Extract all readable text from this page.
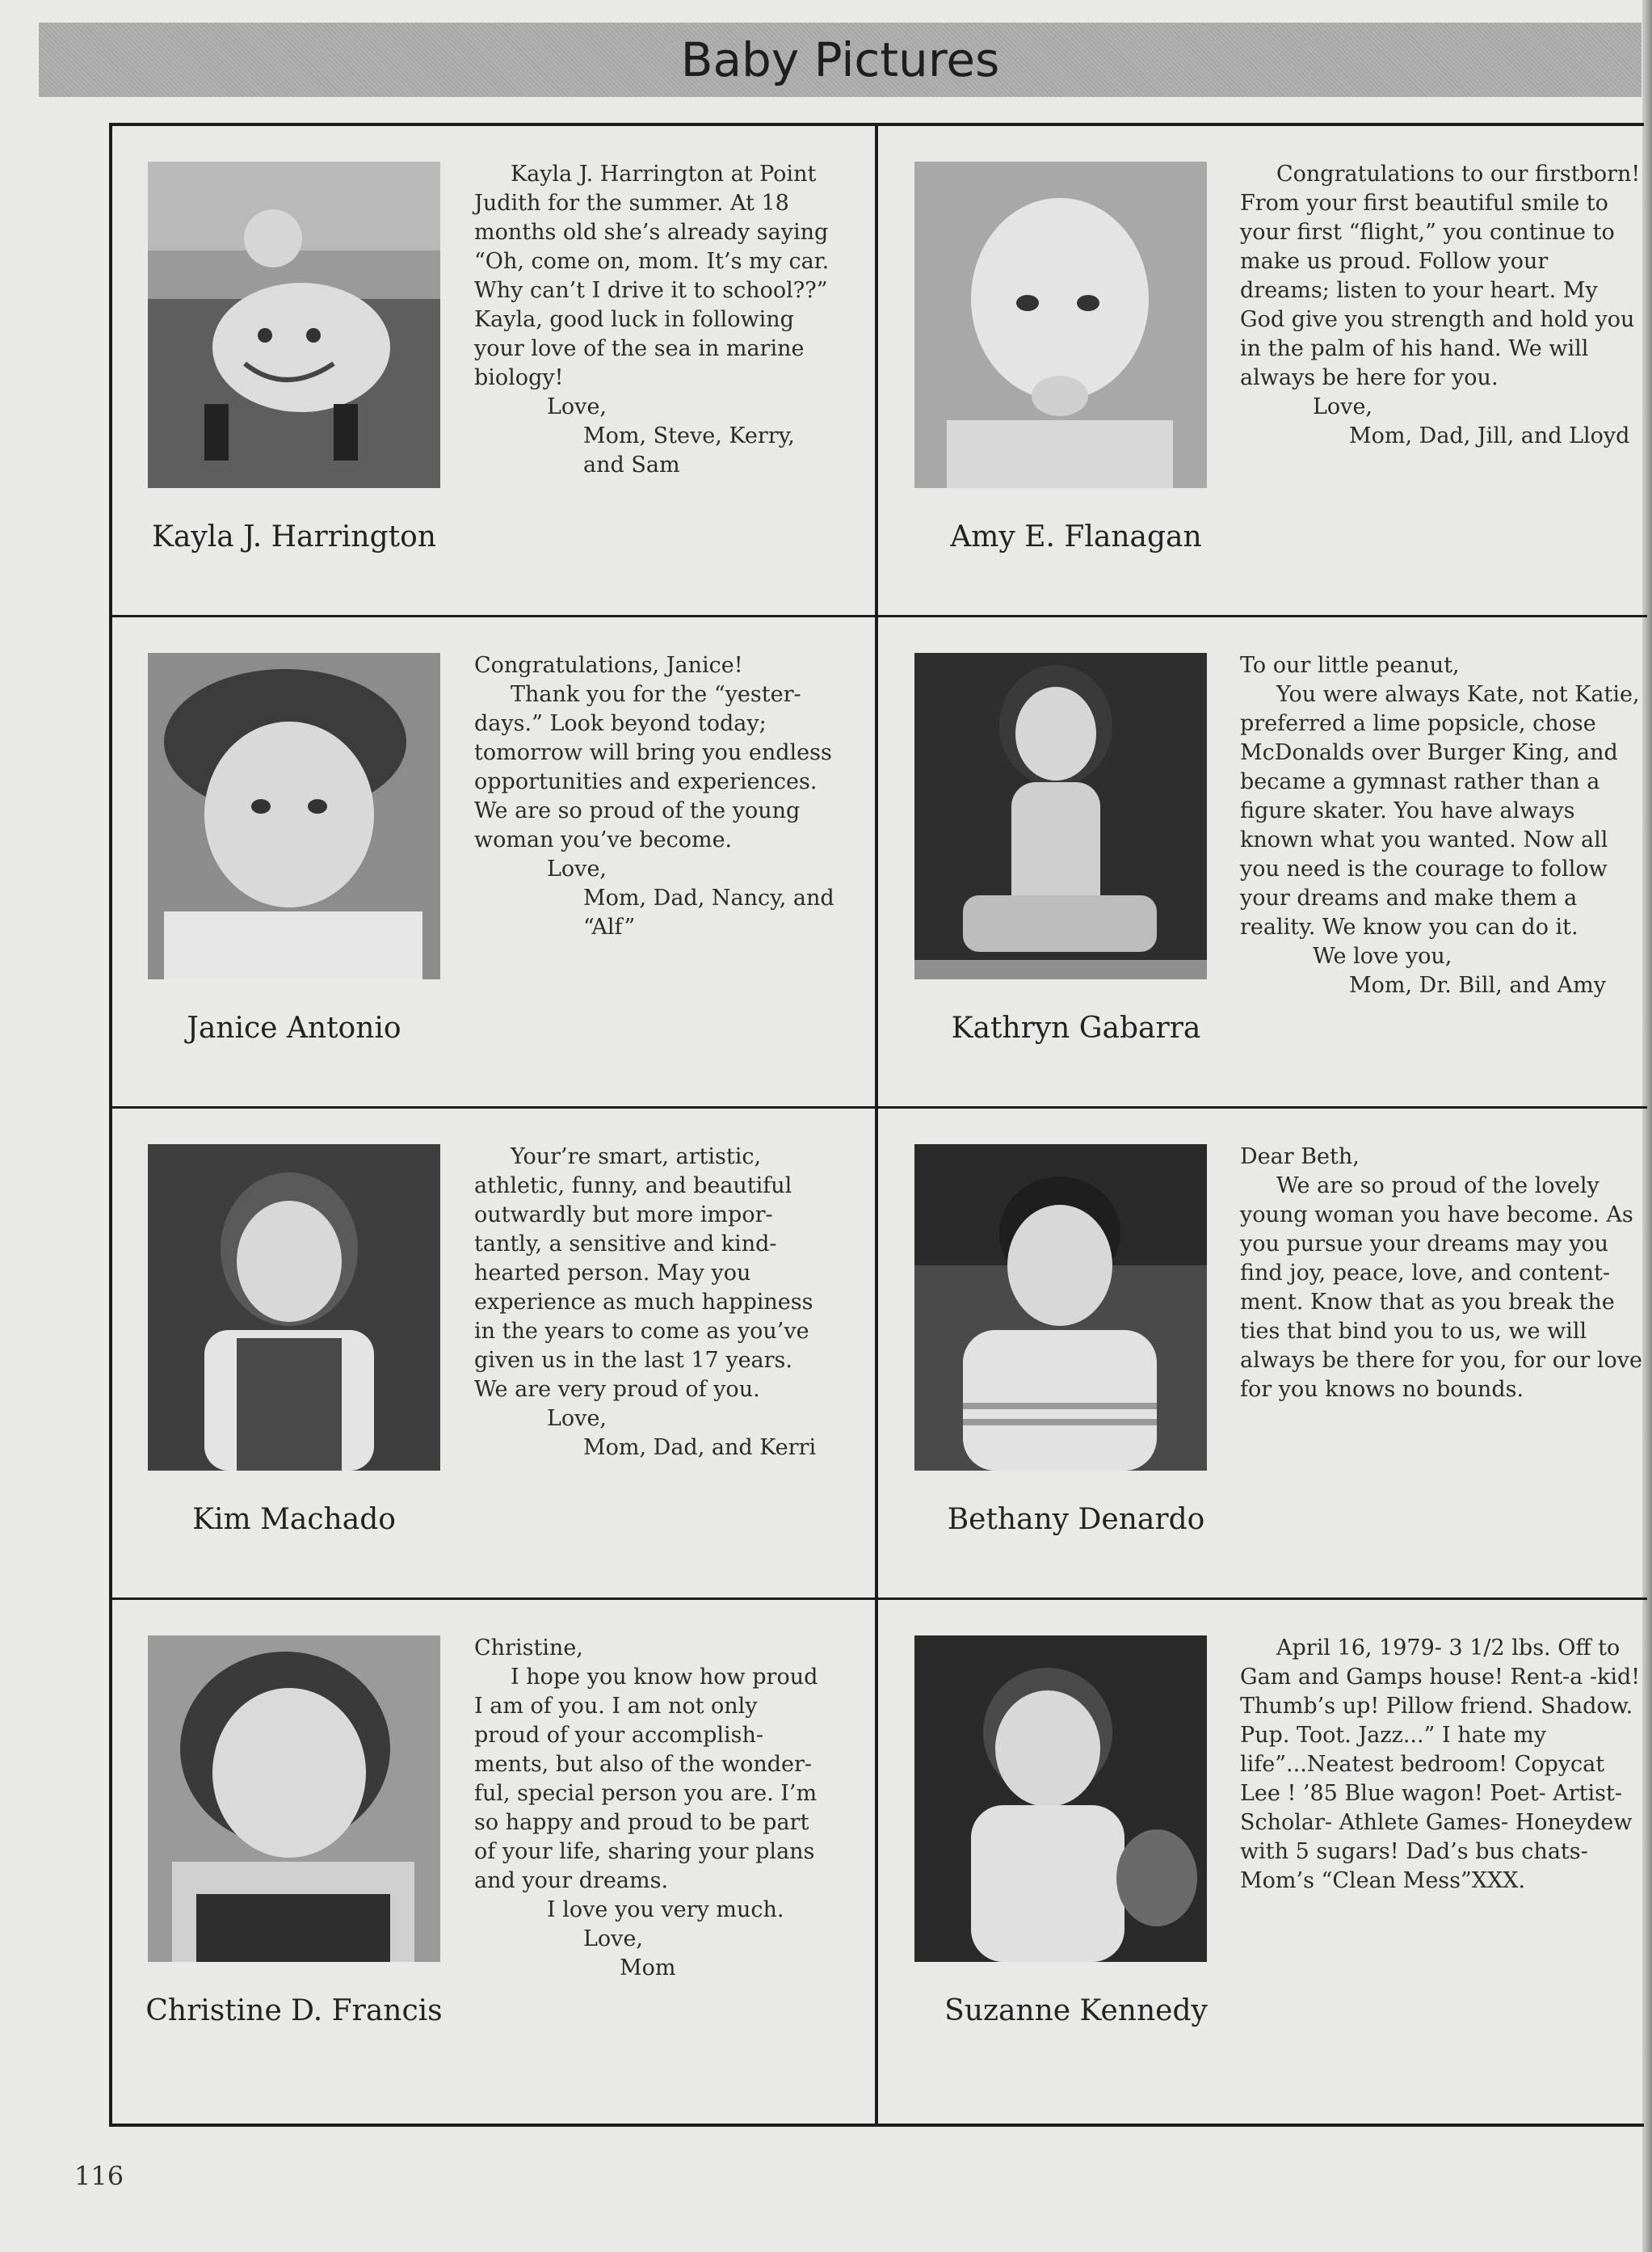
Baby Pictures

Kayla J. Harrington at Point

Judith for the summer. At 18

months old she’s already saying

“Oh, come on, mom. It’s my car.

Why can’t I drive it to school??”

Kayla, good luck in following

your love of the sea in marine

biology!

Love,

Mom, Steve, Kerry,

and Sam

Kayla J. Harrington

Congratulations to our firstborn!

From your first beautiful smile to

your first “flight,” you continue to

make us proud. Follow your

dreams; listen to your heart. My

God give you strength and hold you

in the palm of his hand. We will

always be here for you.

Love,

Mom, Dad, Jill, and Lloyd

Amy E. Flanagan

Congratulations, Janice!

Thank you for the “yester-

days.” Look beyond today;

tomorrow will bring you endless

opportunities and experiences.

We are so proud of the young

woman you’ve become.

Love,

Mom, Dad, Nancy, and

“Alf”

Janice Antonio

To our little peanut,

You were always Kate, not Katie,

preferred a lime popsicle, chose

McDonalds over Burger King, and

became a gymnast rather than a

figure skater. You have always

known what you wanted. Now all

you need is the courage to follow

your dreams and make them a

reality. We know you can do it.

We love you,

Mom, Dr. Bill, and Amy

Kathryn Gabarra

Your’re smart, artistic,

athletic, funny, and beautiful

outwardly but more impor-

tantly, a sensitive and kind-

hearted person. May you

experience as much happiness

in the years to come as you’ve

given us in the last 17 years.

We are very proud of you.

Love,

Mom, Dad, and Kerri

Kim Machado

Dear Beth,

We are so proud of the lovely

young woman you have become. As

you pursue your dreams may you

find joy, peace, love, and content-

ment. Know that as you break the

ties that bind you to us, we will

always be there for you, for our love

for you knows no bounds.

Bethany Denardo

Christine,

I hope you know how proud

I am of you. I am not only

proud of your accomplish-

ments, but also of the wonder-

ful, special person you are. I’m

so happy and proud to be part

of your life, sharing your plans

and your dreams.

I love you very much.

Love,

Mom

Christine D. Francis

April 16, 1979- 3 1/2 lbs. Off to

Gam and Gamps house! Rent-a -kid!

Thumb’s up! Pillow friend. Shadow.

Pup. Toot. Jazz...” I hate my

life”...Neatest bedroom! Copycat

Lee ! ’85 Blue wagon! Poet- Artist-

Scholar- Athlete Games- Honeydew

with 5 sugars! Dad’s bus chats-

Mom’s “Clean Mess”XXX.

Suzanne Kennedy
116
